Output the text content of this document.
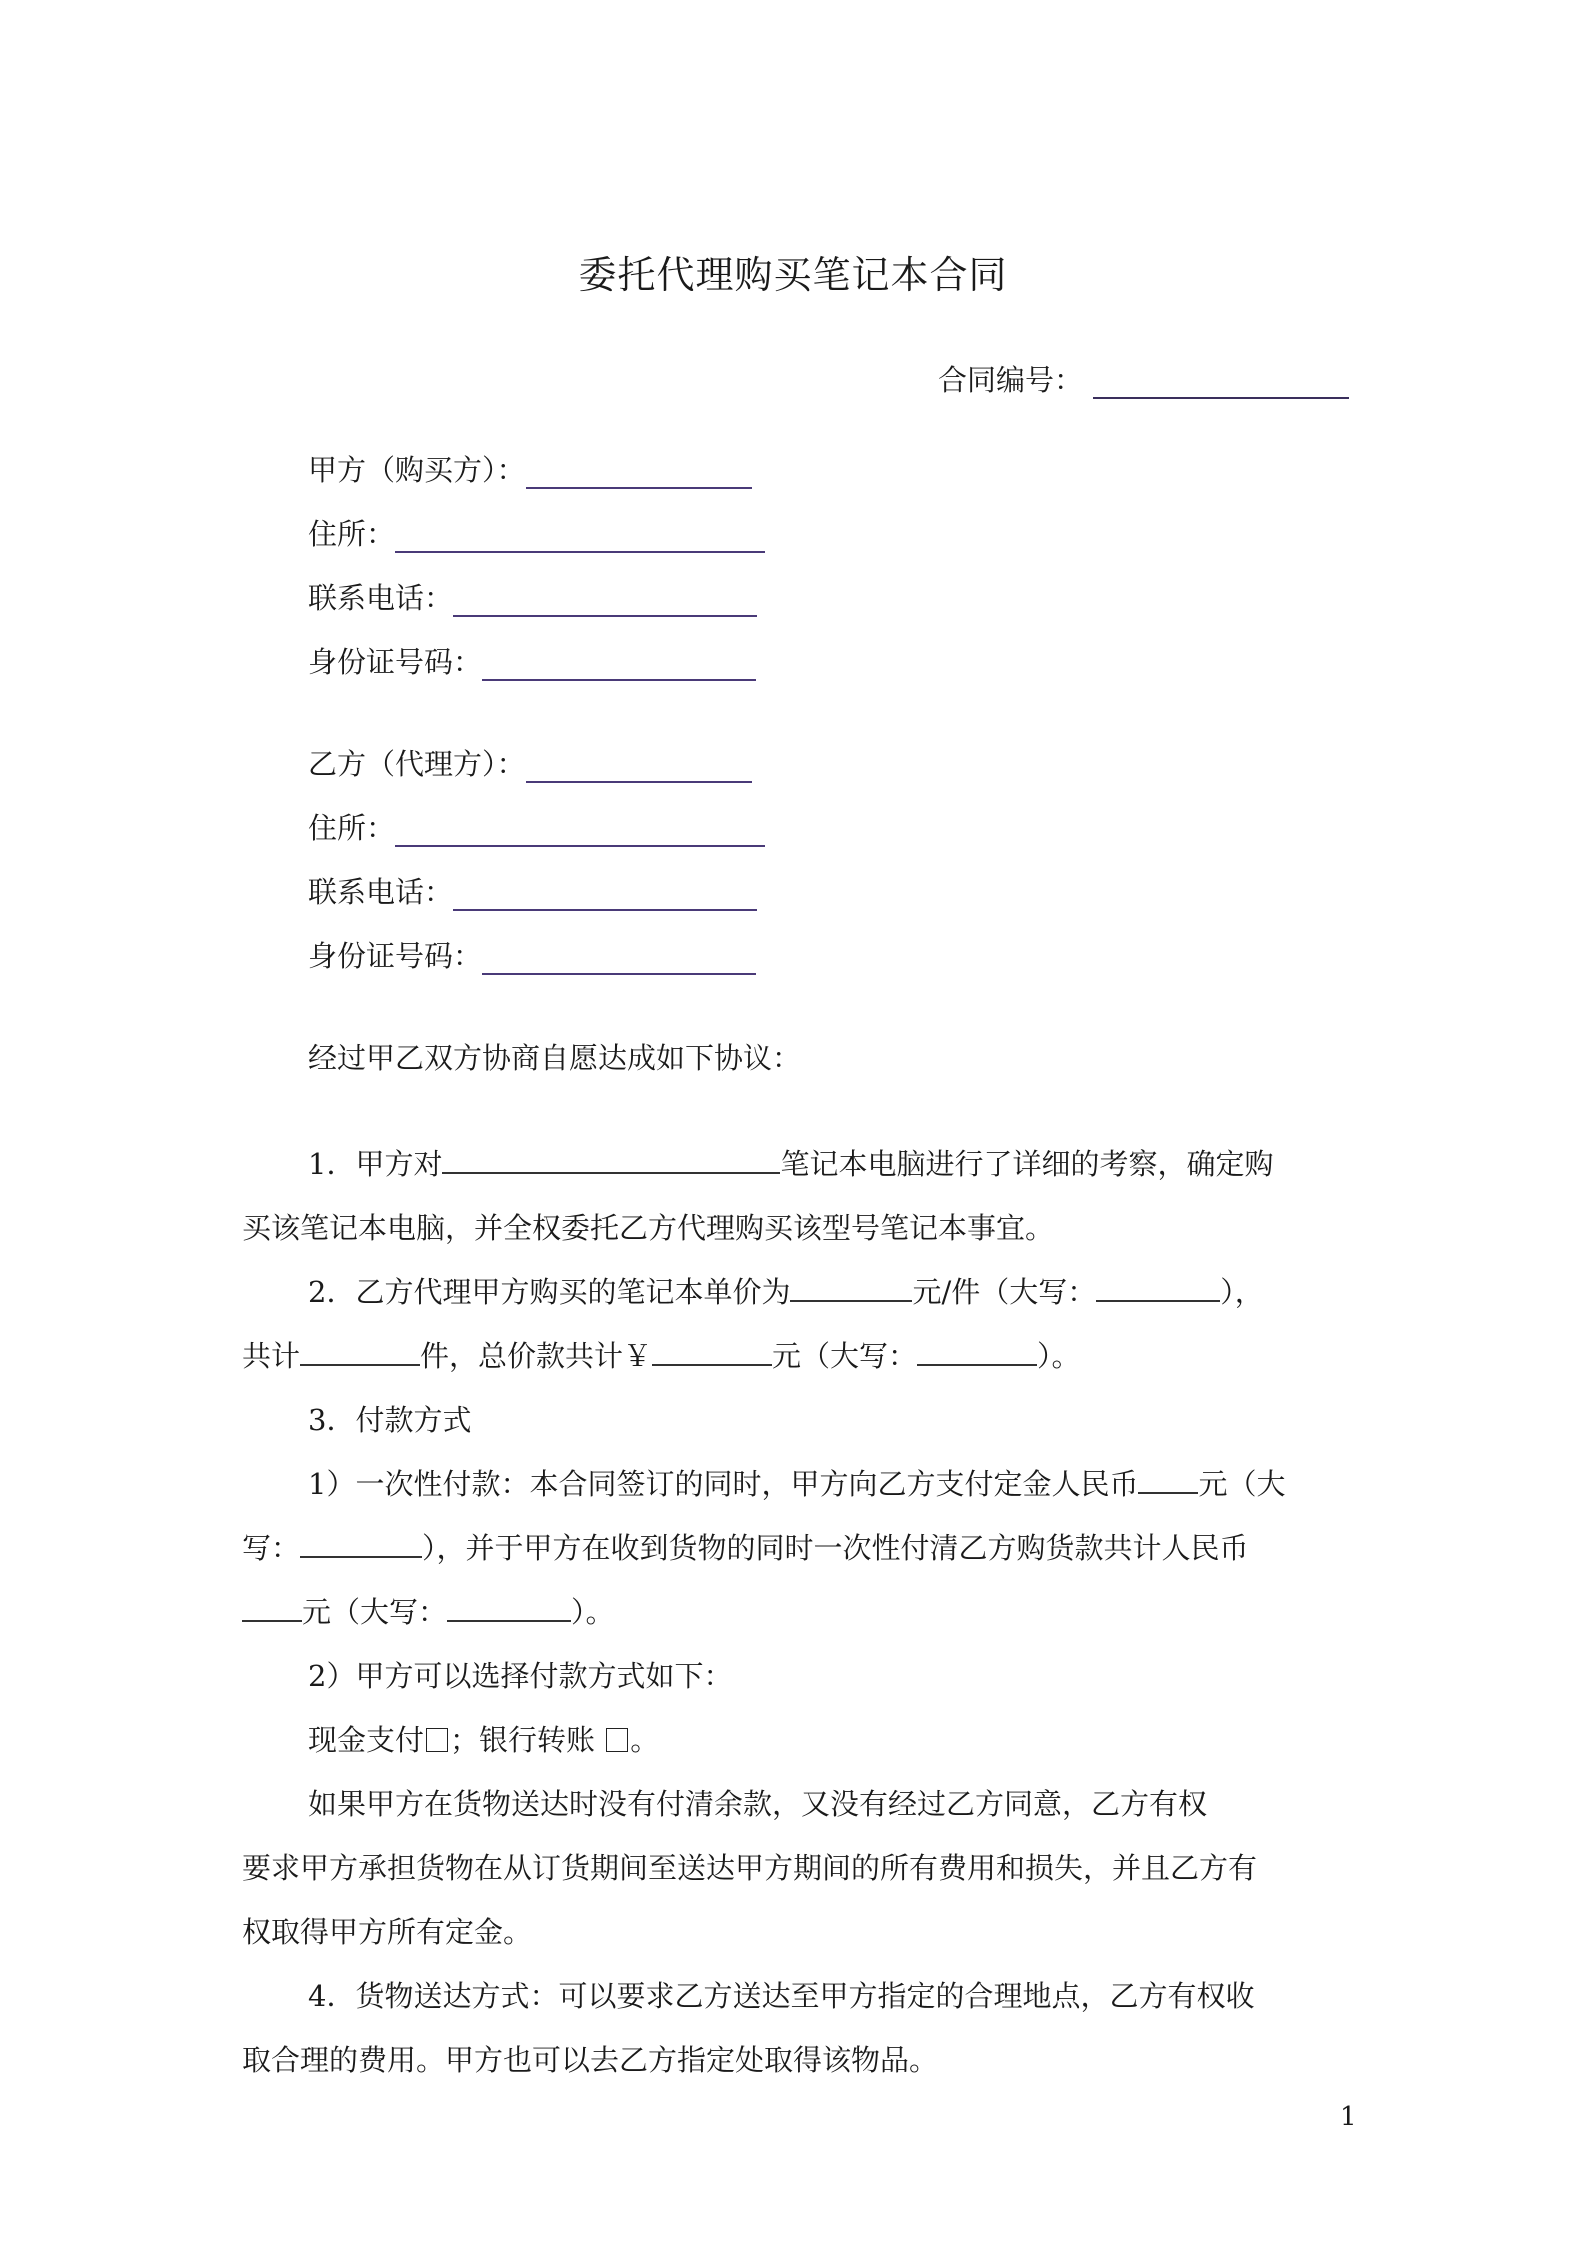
委托代理购买笔记本合同
合同编号：
甲方（购买方）：
住所：
联系电话：
身份证号码：
乙方（代理方）：
住所：
联系电话：
身份证号码：
经过甲乙双方协商自愿达成如下协议：
1．甲方对	笔记本电脑进行了详细的考察，确定购
买该笔记本电脑，并全权委托乙方代理购买该型号笔记本事宜。
2．乙方代理甲方购买的笔记本单价为	元/件（大写：	），
共计	件，总价款共计￥	元（大写：	）。
3．付款方式
1）一次性付款：本合同签订的同时，甲方向乙方支付定金人民币 元（大
写：	），并于甲方在收到货物的同时一次性付清乙方购货款共计人民币
元（大写：	）。
2）甲方可以选择付款方式如下：
现金支付 ；银行转账 。
如果甲方在货物送达时没有付清余款，又没有经过乙方同意，乙方有权
要求甲方承担货物在从订货期间至送达甲方期间的所有费用和损失，并且乙方有
权取得甲方所有定金。
4．货物送达方式：可以要求乙方送达至甲方指定的合理地点，乙方有权收
取合理的费用。甲方也可以去乙方指定处取得该物品。
1
